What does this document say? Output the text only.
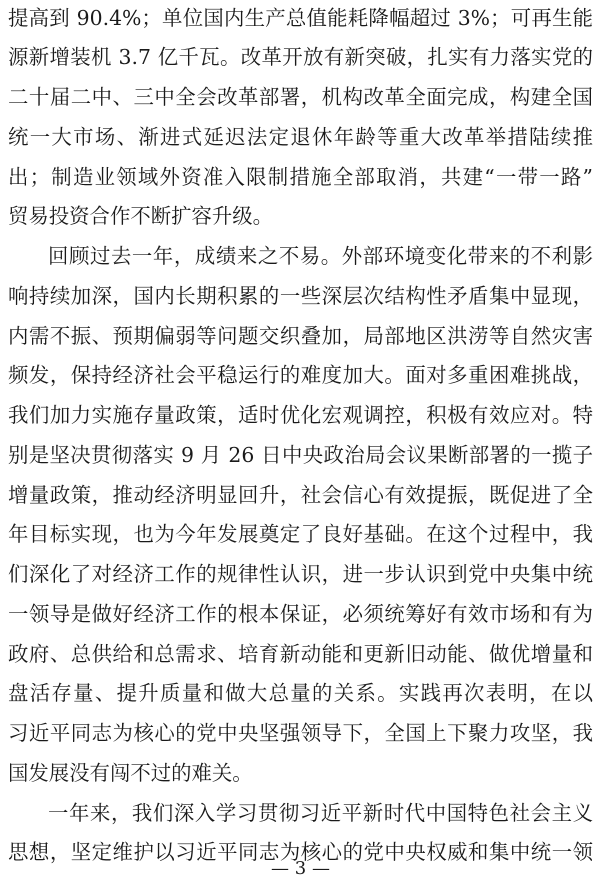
提高到 90.4%；单位国内生产总值能耗降幅超过 3%；可再生能
源新增装机 3.7 亿千瓦。改革开放有新突破，扎实有力落实党的
二十届二中、三中全会改革部署，机构改革全面完成，构建全国
统一大市场、渐进式延迟法定退休年龄等重大改革举措陆续推
出；制造业领域外资准入限制措施全部取消，共建“一带一路”
贸易投资合作不断扩容升级。
回顾过去一年，成绩来之不易。外部环境变化带来的不利影
响持续加深，国内长期积累的一些深层次结构性矛盾集中显现，
内需不振、预期偏弱等问题交织叠加，局部地区洪涝等自然灾害
频发，保持经济社会平稳运行的难度加大。面对多重困难挑战，
我们加力实施存量政策，适时优化宏观调控，积极有效应对。特
别是坚决贯彻落实 9 月 26 日中央政治局会议果断部署的一揽子
增量政策，推动经济明显回升，社会信心有效提振，既促进了全
年目标实现，也为今年发展奠定了良好基础。在这个过程中，我
们深化了对经济工作的规律性认识，进一步认识到党中央集中统
一领导是做好经济工作的根本保证，必须统筹好有效市场和有为
政府、总供给和总需求、培育新动能和更新旧动能、做优增量和
盘活存量、提升质量和做大总量的关系。实践再次表明，在以
习近平同志为核心的党中央坚强领导下，全国上下聚力攻坚，我
国发展没有闯不过的难关。
一年来，我们深入学习贯彻习近平新时代中国特色社会主义
思想，坚定维护以习近平同志为核心的党中央权威和集中统一领
— 3 —
